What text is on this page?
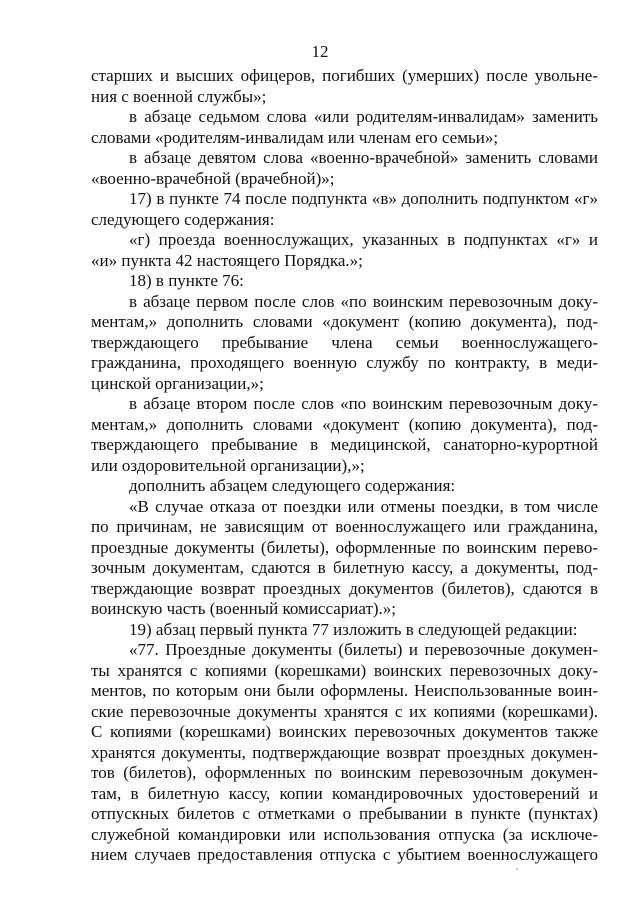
12
старших и высших офицеров, погибших (умерших) после увольне-
ния с военной службы»;
в абзаце седьмом слова «или родителям-инвалидам» заменить
словами «родителям-инвалидам или членам его семьи»;
в абзаце девятом слова «военно-врачебной» заменить словами
«военно-врачебной (врачебной)»;
17) в пункте 74 после подпункта «в» дополнить подпунктом «г»
следующего содержания:
«г) проезда военнослужащих, указанных в подпунктах «г» и
«и» пункта 42 настоящего Порядка.»;
18) в пункте 76:
в абзаце первом после слов «по воинским перевозочным доку-
ментам,» дополнить словами «документ (копию документа), под-
тверждающего пребывание члена семьи военнослужащего-
гражданина, проходящего военную службу по контракту, в меди-
цинской организации,»;
в абзаце втором после слов «по воинским перевозочным доку-
ментам,» дополнить словами «документ (копию документа), под-
тверждающего пребывание в медицинской, санаторно-курортной
или оздоровительной организации),»;
дополнить абзацем следующего содержания:
«В случае отказа от поездки или отмены поездки, в том числе
по причинам, не зависящим от военнослужащего или гражданина,
проездные документы (билеты), оформленные по воинским перево-
зочным документам, сдаются в билетную кассу, а документы, под-
тверждающие возврат проездных документов (билетов), сдаются в
воинскую часть (военный комиссариат).»;
19) абзац первый пункта 77 изложить в следующей редакции:
«77. Проездные документы (билеты) и перевозочные докумен-
ты хранятся с копиями (корешками) воинских перевозочных доку-
ментов, по которым они были оформлены. Неиспользованные воин-
ские перевозочные документы хранятся с их копиями (корешками).
С копиями (корешками) воинских перевозочных документов также
хранятся документы, подтверждающие возврат проездных докумен-
тов (билетов), оформленных по воинским перевозочным докумен-
там, в билетную кассу, копии командировочных удостоверений и
отпускных билетов с отметками о пребывании в пункте (пунктах)
служебной командировки или использования отпуска (за исключе-
нием случаев предоставления отпуска с убытием военнослужащего
